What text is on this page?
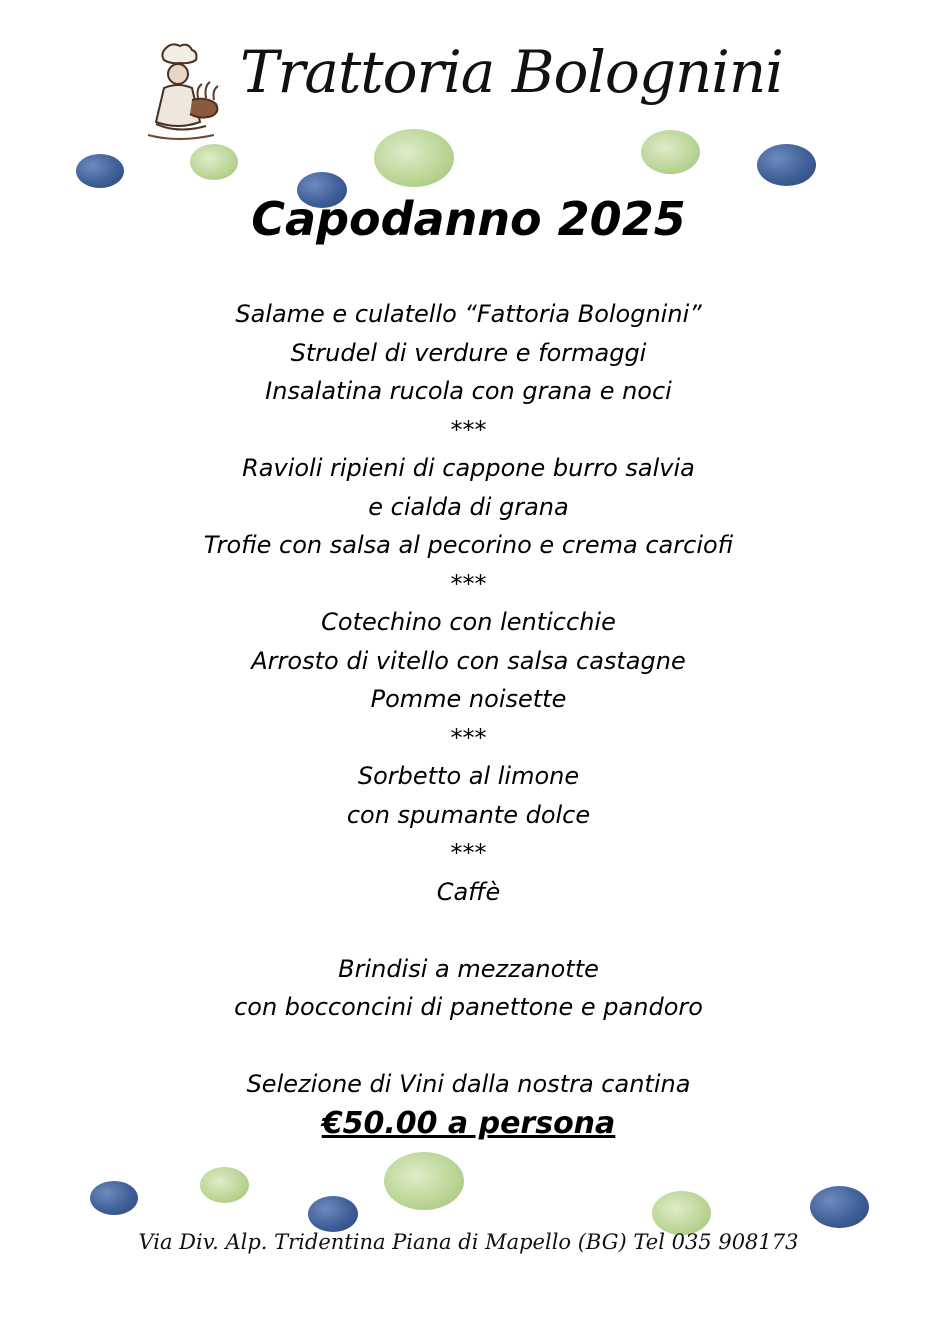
Trattoria Bolognini
Capodanno 2025
Salame e culatello “Fattoria Bolognini”
Strudel di verdure e formaggi
Insalatina rucola con grana e noci
***
Ravioli ripieni di cappone burro salvia
e cialda di grana
Trofie con salsa al pecorino e crema carciofi
***
Cotechino con lenticchie
Arrosto di vitello con salsa castagne
Pomme noisette
***
Sorbetto al limone
con spumante dolce
***
Caffè
Brindisi a mezzanotte
con bocconcini di panettone e pandoro
Selezione di Vini dalla nostra cantina
€50.00 a persona
Via Div. Alp. Tridentina Piana di Mapello (BG) Tel 035 908173
